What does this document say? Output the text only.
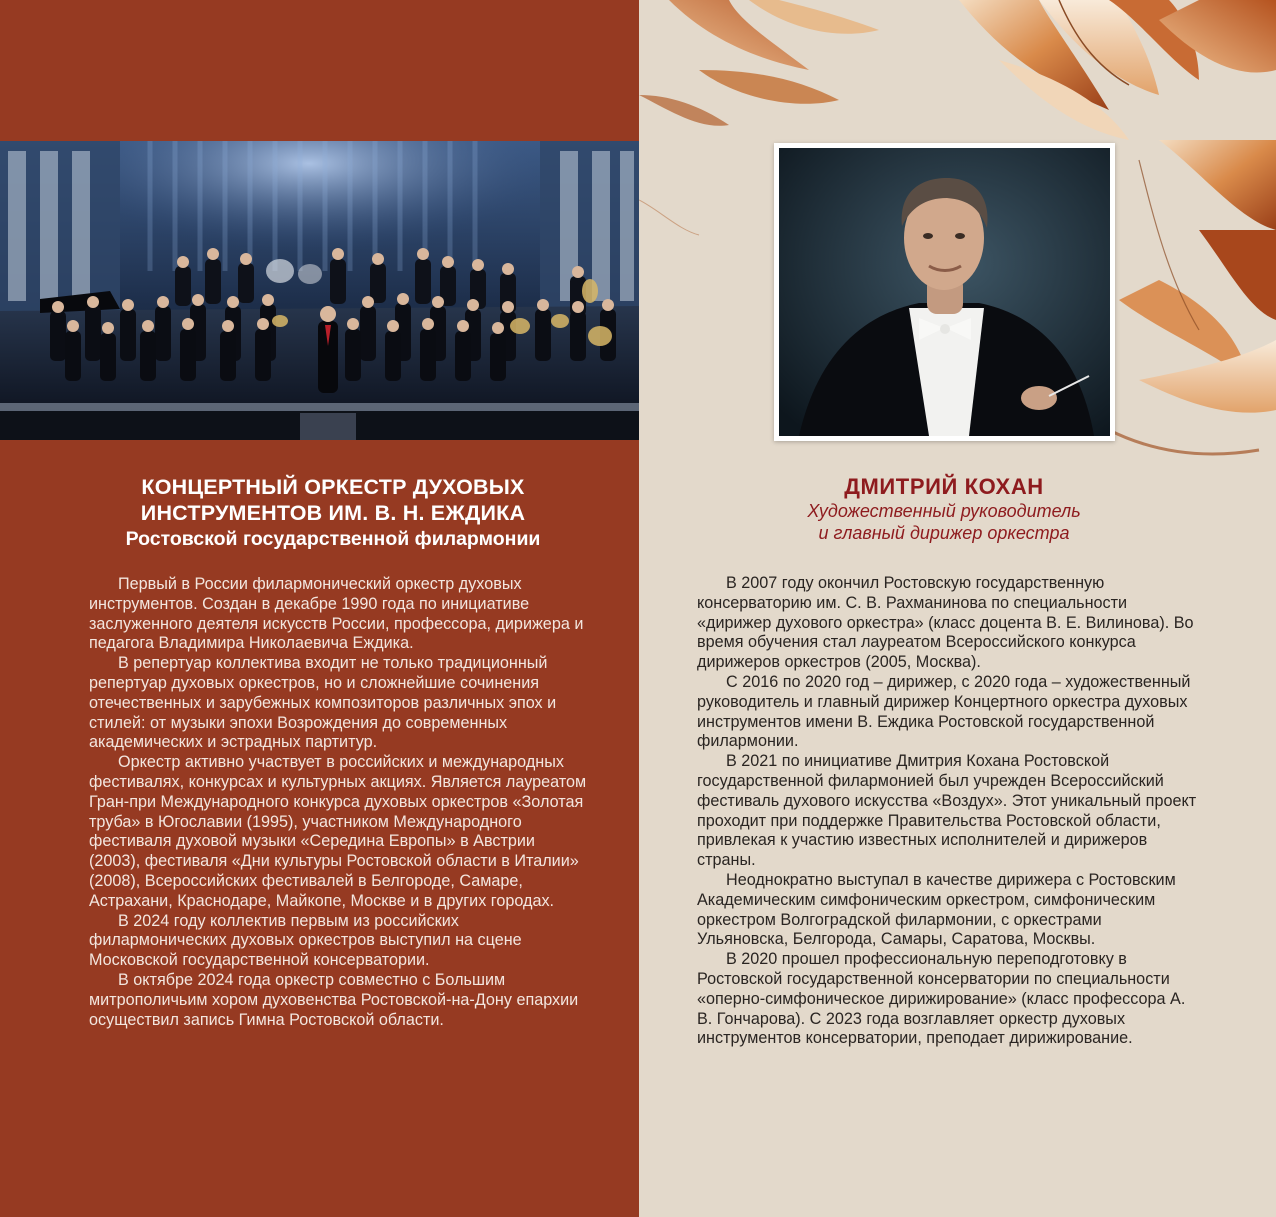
КОНЦЕРТНЫЙ ОРКЕСТР ДУХОВЫХ
ИНСТРУМЕНТОВ ИМ. В. Н. ЕЖДИКА
Ростовской государственной филармонии

Первый в России филармонический оркестр духовых инструментов. Создан в декабре 1990 года по инициативе заслуженного деятеля искусств России, профессора, дирижера и педагога Владимира Николаевича Еждика.

В репертуар коллектива входит не только традиционный репертуар духовых оркестров, но и сложнейшие сочинения отечественных и зарубежных композиторов различных эпох и стилей: от музыки эпохи Возрождения до современных академических и эстрадных партитур.

Оркестр активно участвует в российских и международных фестивалях, конкурсах и культурных акциях. Является лауреатом Гран-при Международного конкурса духовых оркестров «Золотая труба» в Югославии (1995), участником Международного фестиваля духовой музыки «Середина Европы» в Австрии (2003), фестиваля «Дни культуры Ростовской области в Италии» (2008), Всероссийских фестивалей в Белгороде, Самаре, Астрахани, Краснодаре, Майкопе, Москве и в других городах.

В 2024 году коллектив первым из российских филармонических духовых оркестров выступил на сцене Московской государственной консерватории.

В октябре 2024 года оркестр совместно с Большим митрополичьим хором духовенства Ростовской-на-Дону епархии осуществил запись Гимна Ростовской области.

ДМИТРИЙ КОХАН
Художественный руководитель
и главный дирижер оркестра

В 2007 году окончил Ростовскую государственную консерваторию им. С. В. Рахманинова по специальности «дирижер духового оркестра» (класс доцента В. Е. Вилинова). Во время обучения стал лауреатом Всероссийского конкурса дирижеров оркестров (2005, Москва).

С 2016 по 2020 год – дирижер, с 2020 года – художественный руководитель и главный дирижер Концертного оркестра духовых инструментов имени В. Еждика Ростовской государственной филармонии.

В 2021 по инициативе Дмитрия Кохана Ростовской государственной филармонией был учрежден Всероссийский фестиваль духового искусства «Воздух». Этот уникальный проект проходит при поддержке Правительства Ростовской области, привлекая к участию известных исполнителей и дирижеров страны.

Неоднократно выступал в качестве дирижера с Ростовским Академическим симфоническим оркестром, симфоническим оркестром Волгоградской филармонии, с оркестрами Ульяновска, Белгорода, Самары, Саратова, Москвы.

В 2020 прошел профессиональную переподготовку в Ростовской государственной консерватории по специальности «оперно-симфоническое дирижирование» (класс профессора А. В. Гончарова). С 2023 года возглавляет оркестр духовых инструментов консерватории, преподает дирижирование.
